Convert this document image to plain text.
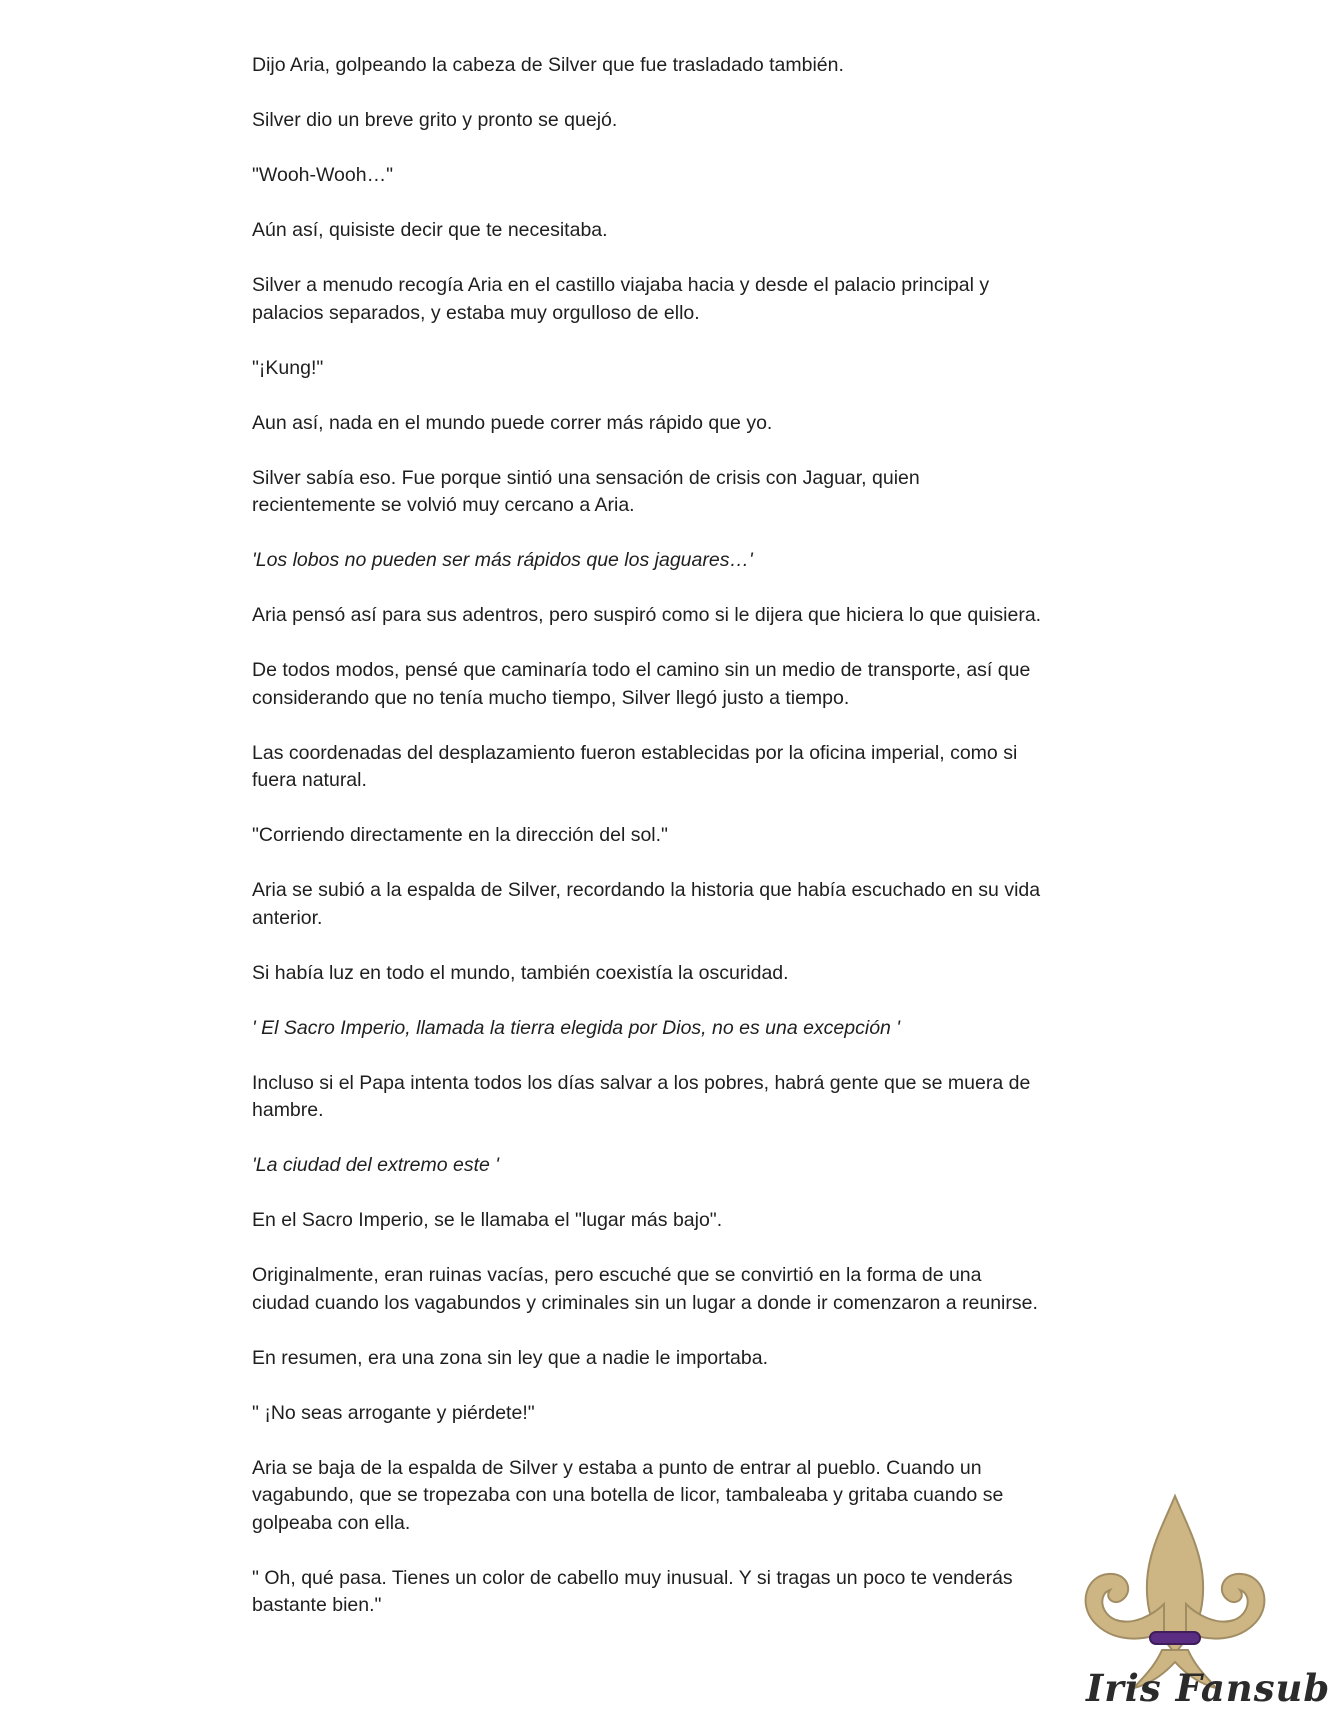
Dijo Aria, golpeando la cabeza de Silver que fue trasladado también.

Silver dio un breve grito y pronto se quejó.

"Wooh-Wooh…"

Aún así, quisiste decir que te necesitaba.

Silver a menudo recogía Aria en el castillo viajaba hacia y desde el palacio principal y palacios separados, y estaba muy orgulloso de ello.

"¡Kung!"

Aun así, nada en el mundo puede correr más rápido que yo.

Silver sabía eso. Fue porque sintió una sensación de crisis con Jaguar, quien recientemente se volvió muy cercano a Aria.

'Los lobos no pueden ser más rápidos que los jaguares…'

Aria pensó así para sus adentros, pero suspiró como si le dijera que hiciera lo que quisiera.

De todos modos, pensé que caminaría todo el camino sin un medio de transporte, así que considerando que no tenía mucho tiempo, Silver llegó justo a tiempo.

Las coordenadas del desplazamiento fueron establecidas por la oficina imperial, como si fuera natural.

"Corriendo directamente en la dirección del sol."

Aria se subió a la espalda de Silver, recordando la historia que había escuchado en su vida anterior.

Si había luz en todo el mundo, también coexistía la oscuridad.

' El Sacro Imperio, llamada la tierra elegida por Dios, no es una excepción '

Incluso si el Papa intenta todos los días salvar a los pobres, habrá gente que se muera de hambre.

'La ciudad del extremo este '

En el Sacro Imperio, se le llamaba el "lugar más bajo".

Originalmente, eran ruinas vacías, pero escuché que se convirtió en la forma de una ciudad cuando los vagabundos y criminales sin un lugar a donde ir comenzaron a reunirse.

En resumen, era una zona sin ley que a nadie le importaba.

" ¡No seas arrogante y piérdete!"

Aria se baja de la espalda de Silver y estaba a punto de entrar al pueblo. Cuando un vagabundo, que se tropezaba con una botella de licor, tambaleaba y gritaba cuando se golpeaba con ella.

" Oh, qué pasa. Tienes un color de cabello muy inusual. Y si tragas un poco te venderás bastante bien."

Iris Fansub
